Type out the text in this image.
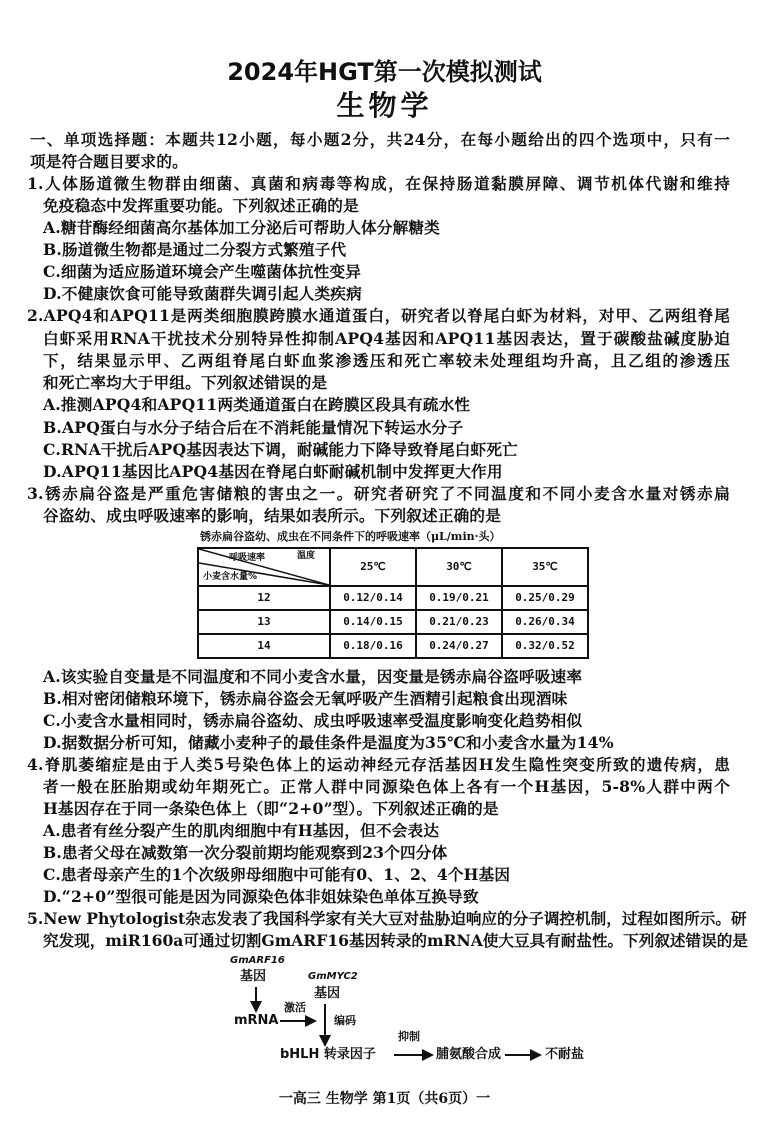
2024年HGT第一次模拟测试
生物学
一、单项选择题：本题共12小题，每小题2分，共24分，在每小题给出的四个选项中，只有一
项是符合题目要求的。
1.人体肠道微生物群由细菌、真菌和病毒等构成，在保持肠道黏膜屏障、调节机体代谢和维持
免疫稳态中发挥重要功能。下列叙述正确的是
A.糖苷酶经细菌高尔基体加工分泌后可帮助人体分解糖类
B.肠道微生物都是通过二分裂方式繁殖子代
C.细菌为适应肠道环境会产生噬菌体抗性变异
D.不健康饮食可能导致菌群失调引起人类疾病
2.APQ4和APQ11是两类细胞膜跨膜水通道蛋白，研究者以脊尾白虾为材料，对甲、乙两组脊尾
白虾采用RNA干扰技术分别特异性抑制APQ4基因和APQ11基因表达，置于碳酸盐碱度胁迫
下，结果显示甲、乙两组脊尾白虾血浆渗透压和死亡率较未处理组均升高，且乙组的渗透压
和死亡率均大于甲组。下列叙述错误的是
A.推测APQ4和APQ11两类通道蛋白在跨膜区段具有疏水性
B.APQ蛋白与水分子结合后在不消耗能量情况下转运水分子
C.RNA干扰后APQ基因表达下调，耐碱能力下降导致脊尾白虾死亡
D.APQ11基因比APQ4基因在脊尾白虾耐碱机制中发挥更大作用
3.锈赤扁谷盗是严重危害储粮的害虫之一。研究者研究了不同温度和不同小麦含水量对锈赤扁
谷盗幼、成虫呼吸速率的影响，结果如表所示。下列叙述正确的是
锈赤扁谷盗幼、成虫在不同条件下的呼吸速率（μL/min·头）
温度
呼吸速率
小麦含水量%	25℃	30℃	35℃
12	0.12/0.14	0.19/0.21	0.25/0.29
13	0.14/0.15	0.21/0.23	0.26/0.34
14	0.18/0.16	0.24/0.27	0.32/0.52
A.该实验自变量是不同温度和不同小麦含水量，因变量是锈赤扁谷盗呼吸速率
B.相对密闭储粮环境下，锈赤扁谷盗会无氧呼吸产生酒精引起粮食出现酒味
C.小麦含水量相同时，锈赤扁谷盗幼、成虫呼吸速率受温度影响变化趋势相似
D.据数据分析可知，储藏小麦种子的最佳条件是温度为35℃和小麦含水量为14%
4.脊肌萎缩症是由于人类5号染色体上的运动神经元存活基因H发生隐性突变所致的遗传病，患
者一般在胚胎期或幼年期死亡。正常人群中同源染色体上各有一个H基因，5-8%人群中两个
H基因存在于同一条染色体上（即“2+0”型）。下列叙述正确的是
A.患者有丝分裂产生的肌肉细胞中有H基因，但不会表达
B.患者父母在减数第一次分裂前期均能观察到23个四分体
C.患者母亲产生的1个次级卵母细胞中可能有0、1、2、4个H基因
D.“2+0”型很可能是因为同源染色体非姐妹染色单体互换导致
5.New Phytologist杂志发表了我国科学家有关大豆对盐胁迫响应的分子调控机制，过程如图所示。研
究发现，miR160a可通过切割GmARF16基因转录的mRNA使大豆具有耐盐性。下列叙述错误的是
GmARF16
基因	GmMYC2
基因
mRNA
激活
编码
bHLH 转录因子
抑制
脯氨酸合成	不耐盐
一高三 生物学 第1页（共6页）一
